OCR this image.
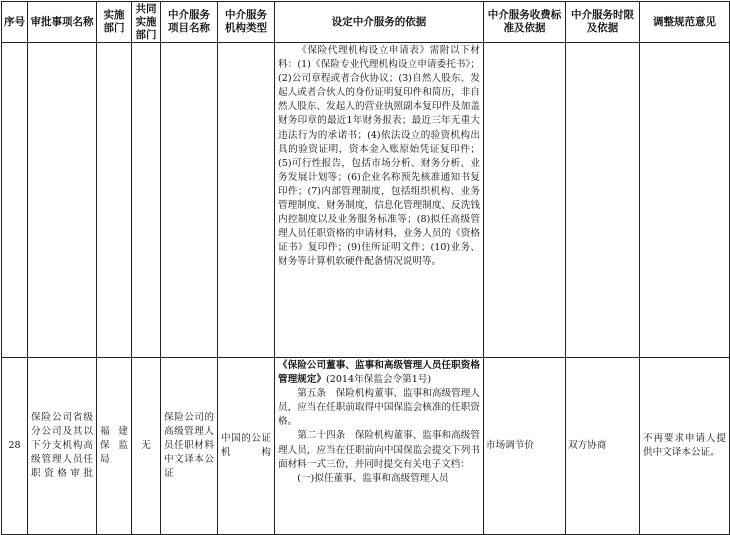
序号	审批事项名称	实施部门	共同实施部门	中介服务项目名称	中介服务机构类型	设定中介服务的依据	中介服务收费标准及依据	中介服务时限及依据	调整规范意见

						《保险代理机构设立申请表》需附以下材料：(1)《保险专业代理机构设立申请委托书》；(2)公司章程或者合伙协议；(3)自然人股东、发起人或者合伙人的身份证明复印件和简历，非自然人股东、发起人的营业执照副本复印件及加盖财务印章的最近1年财务报表；最近三年无重大违法行为的承诺书；(4)依法设立的验资机构出具的验资证明，资本金入账原始凭证复印件；(5)可行性报告，包括市场分析、财务分析、业务发展计划等；(6)企业名称预先核准通知书复印件；(7)内部管理制度，包括组织机构、业务管理制度、财务制度，信息化管理制度、反洗钱内控制度以及业务服务标准等；(8)拟任高级管理人员任职资格的申请材料，业务人员的《资格证书》复印件；(9)住所证明文件；(10)业务、财务等计算机软硬件配备情况说明等。			

28	保险公司省级分公司及其以下分支机构高级管理人员任职资格审批	福建保监局	无	保险公司的高级管理人员任职材料中文译本公证	中国的公证机构	《保险公司董事、监事和高级管理人员任职资格管理规定》(2014年保监会令第1号)

第五条　保险机构董事、监事和高级管理人员，应当在任职前取得中国保监会核准的任职资格。

第二十四条　保险机构董事、监事和高级管理人员，应当在任职前向中国保监会提交下列书面材料一式三份，并同时提交有关电子文档：

(一)拟任董事、监事和高级管理人员	市场调节价	双方协商	不再要求申请人提供中文译本公证。
